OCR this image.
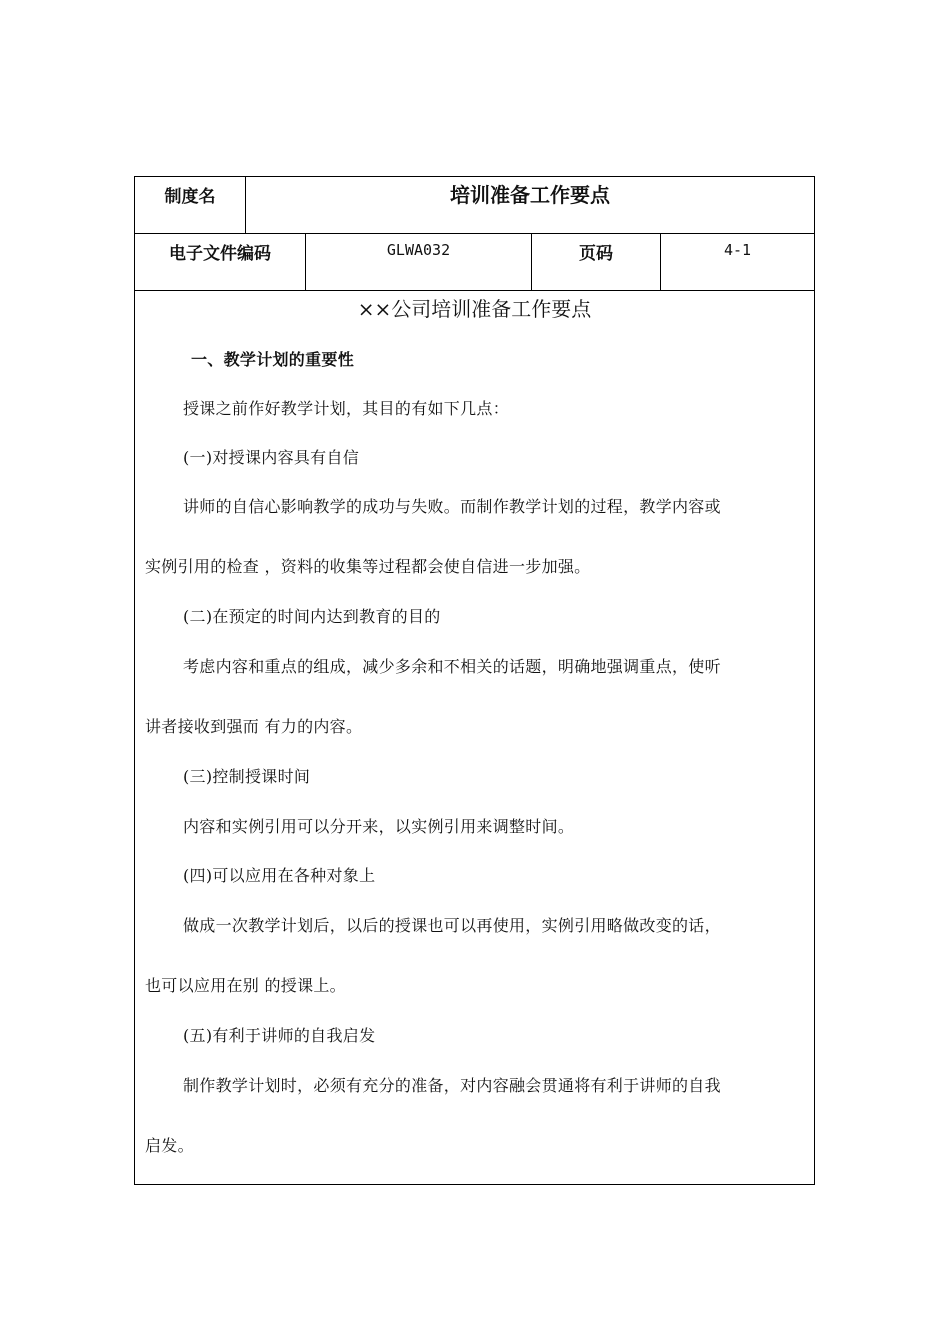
制度名	培训准备工作要点
电子文件编码	GLWA032	页码	4-1
××公司培训准备工作要点
一、教学计划的重要性
授课之前作好教学计划，其目的有如下几点：
(一)对授课内容具有自信
讲师的自信心影响教学的成功与失败。而制作教学计划的过程，教学内容或
实例引用的检查 ，资料的收集等过程都会使自信进一步加强。
(二)在预定的时间内达到教育的目的
考虑内容和重点的组成，减少多余和不相关的话题，明确地强调重点，使听
讲者接收到强而 有力的内容。
(三)控制授课时间
内容和实例引用可以分开来，以实例引用来调整时间。
(四)可以应用在各种对象上
做成一次教学计划后，以后的授课也可以再使用，实例引用略做改变的话，
也可以应用在别 的授课上。
(五)有利于讲师的自我启发
制作教学计划时，必须有充分的准备，对内容融会贯通将有利于讲师的自我
启发。
